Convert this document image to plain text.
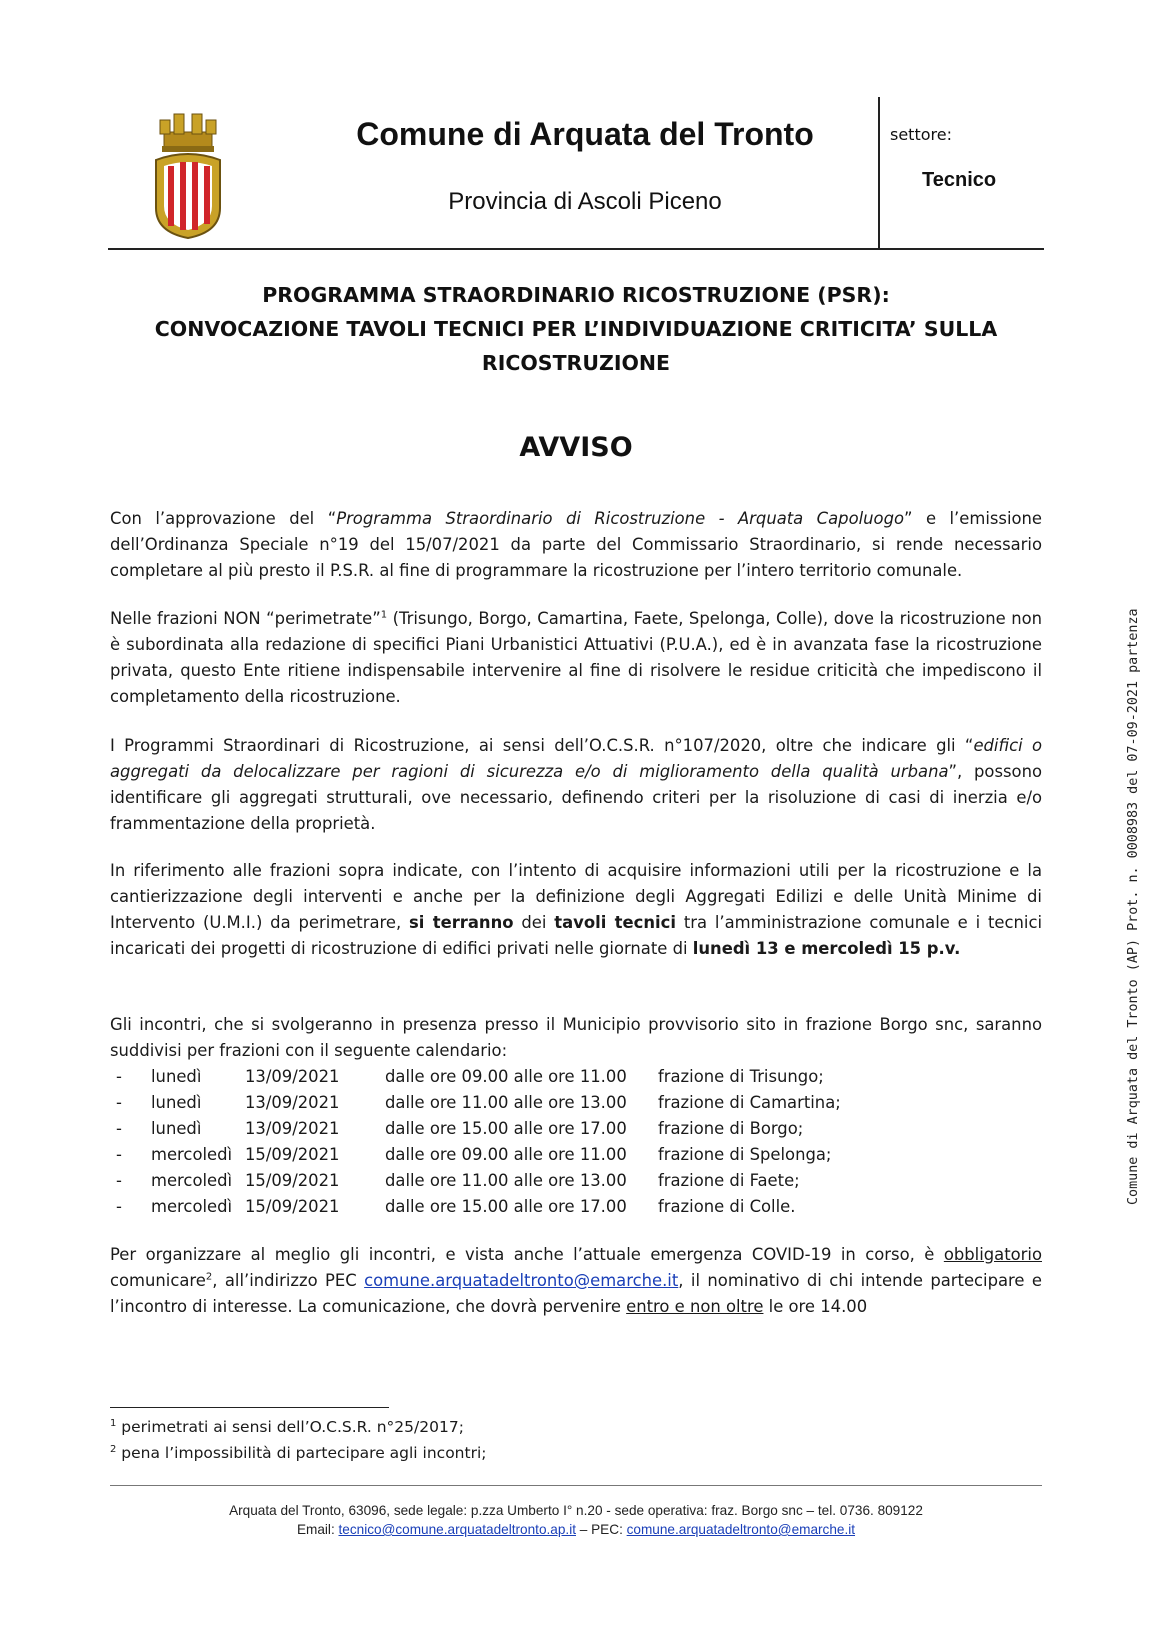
Comune di Arquata del Tronto
Provincia di Ascoli Piceno
settore:
Tecnico
PROGRAMMA STRAORDINARIO RICOSTRUZIONE (PSR):
CONVOCAZIONE TAVOLI TECNICI PER L’INDIVIDUAZIONE CRITICITA’ SULLA
RICOSTRUZIONE
AVVISO
Con l’approvazione del “Programma Straordinario di Ricostruzione - Arquata Capoluogo” e l’emissione dell’Ordinanza Speciale n°19 del 15/07/2021 da parte del Commissario Straordinario, si rende necessario completare al più presto il P.S.R. al fine di programmare la ricostruzione per l’intero territorio comunale.
Nelle frazioni NON “perimetrate”$^1$ (Trisungo, Borgo, Camartina, Faete, Spelonga, Colle), dove la ricostruzione non è subordinata alla redazione di specifici Piani Urbanistici Attuativi (P.U.A.), ed è in avanzata fase la ricostruzione privata, questo Ente ritiene indispensabile intervenire al fine di risolvere le residue criticità che impediscono il completamento della ricostruzione.
I Programmi Straordinari di Ricostruzione, ai sensi dell’O.C.S.R. n°107/2020, oltre che indicare gli “edifici o aggregati da delocalizzare per ragioni di sicurezza e/o di miglioramento della qualità urbana”, possono identificare gli aggregati strutturali, ove necessario, definendo criteri per la risoluzione di casi di inerzia e/o frammentazione della proprietà.
In riferimento alle frazioni sopra indicate, con l’intento di acquisire informazioni utili per la ricostruzione e la cantierizzazione degli interventi e anche per la definizione degli Aggregati Edilizi e delle Unità Minime di Intervento (U.M.I.) da perimetrare, si terranno dei tavoli tecnici tra l’amministrazione comunale e i tecnici incaricati dei progetti di ricostruzione di edifici privati nelle giornate di lunedì 13 e mercoledì 15 p.v.
Gli incontri, che si svolgeranno in presenza presso il Municipio provvisorio sito in frazione Borgo snc, saranno suddivisi per frazioni con il seguente calendario:
- lunedì	13/09/2021	dalle ore 09.00 alle ore 11.00 frazione di Trisungo;
- lunedì	13/09/2021	dalle ore 11.00 alle ore 13.00 frazione di Camartina;
- lunedì	13/09/2021	dalle ore 15.00 alle ore 17.00 frazione di Borgo;
- mercoledì 15/09/2021	dalle ore 09.00 alle ore 11.00 frazione di Spelonga;
- mercoledì 15/09/2021	dalle ore 11.00 alle ore 13.00 frazione di Faete;
- mercoledì 15/09/2021	dalle ore 15.00 alle ore 17.00 frazione di Colle.
Per organizzare al meglio gli incontri, e vista anche l’attuale emergenza COVID-19 in corso, è obbligatorio comunicare$^2$, all’indirizzo PEC comune.arquatadeltronto@emarche.it, il nominativo di chi intende partecipare e l’incontro di interesse. La comunicazione, che dovrà pervenire entro e non oltre le ore 14.00
$^1$ perimetrati ai sensi dell’O.C.S.R. n°25/2017;
$^2$ pena l’impossibilità di partecipare agli incontri;
Arquata del Tronto, 63096, sede legale: p.zza Umberto I° n.20 - sede operativa: fraz. Borgo snc – tel. 0736. 809122
Email: tecnico@comune.arquatadeltronto.ap.it – PEC: comune.arquatadeltronto@emarche.it
Comune di Arquata del Tronto (AP) Prot. n. 0008983 del 07-09-2021 partenza
